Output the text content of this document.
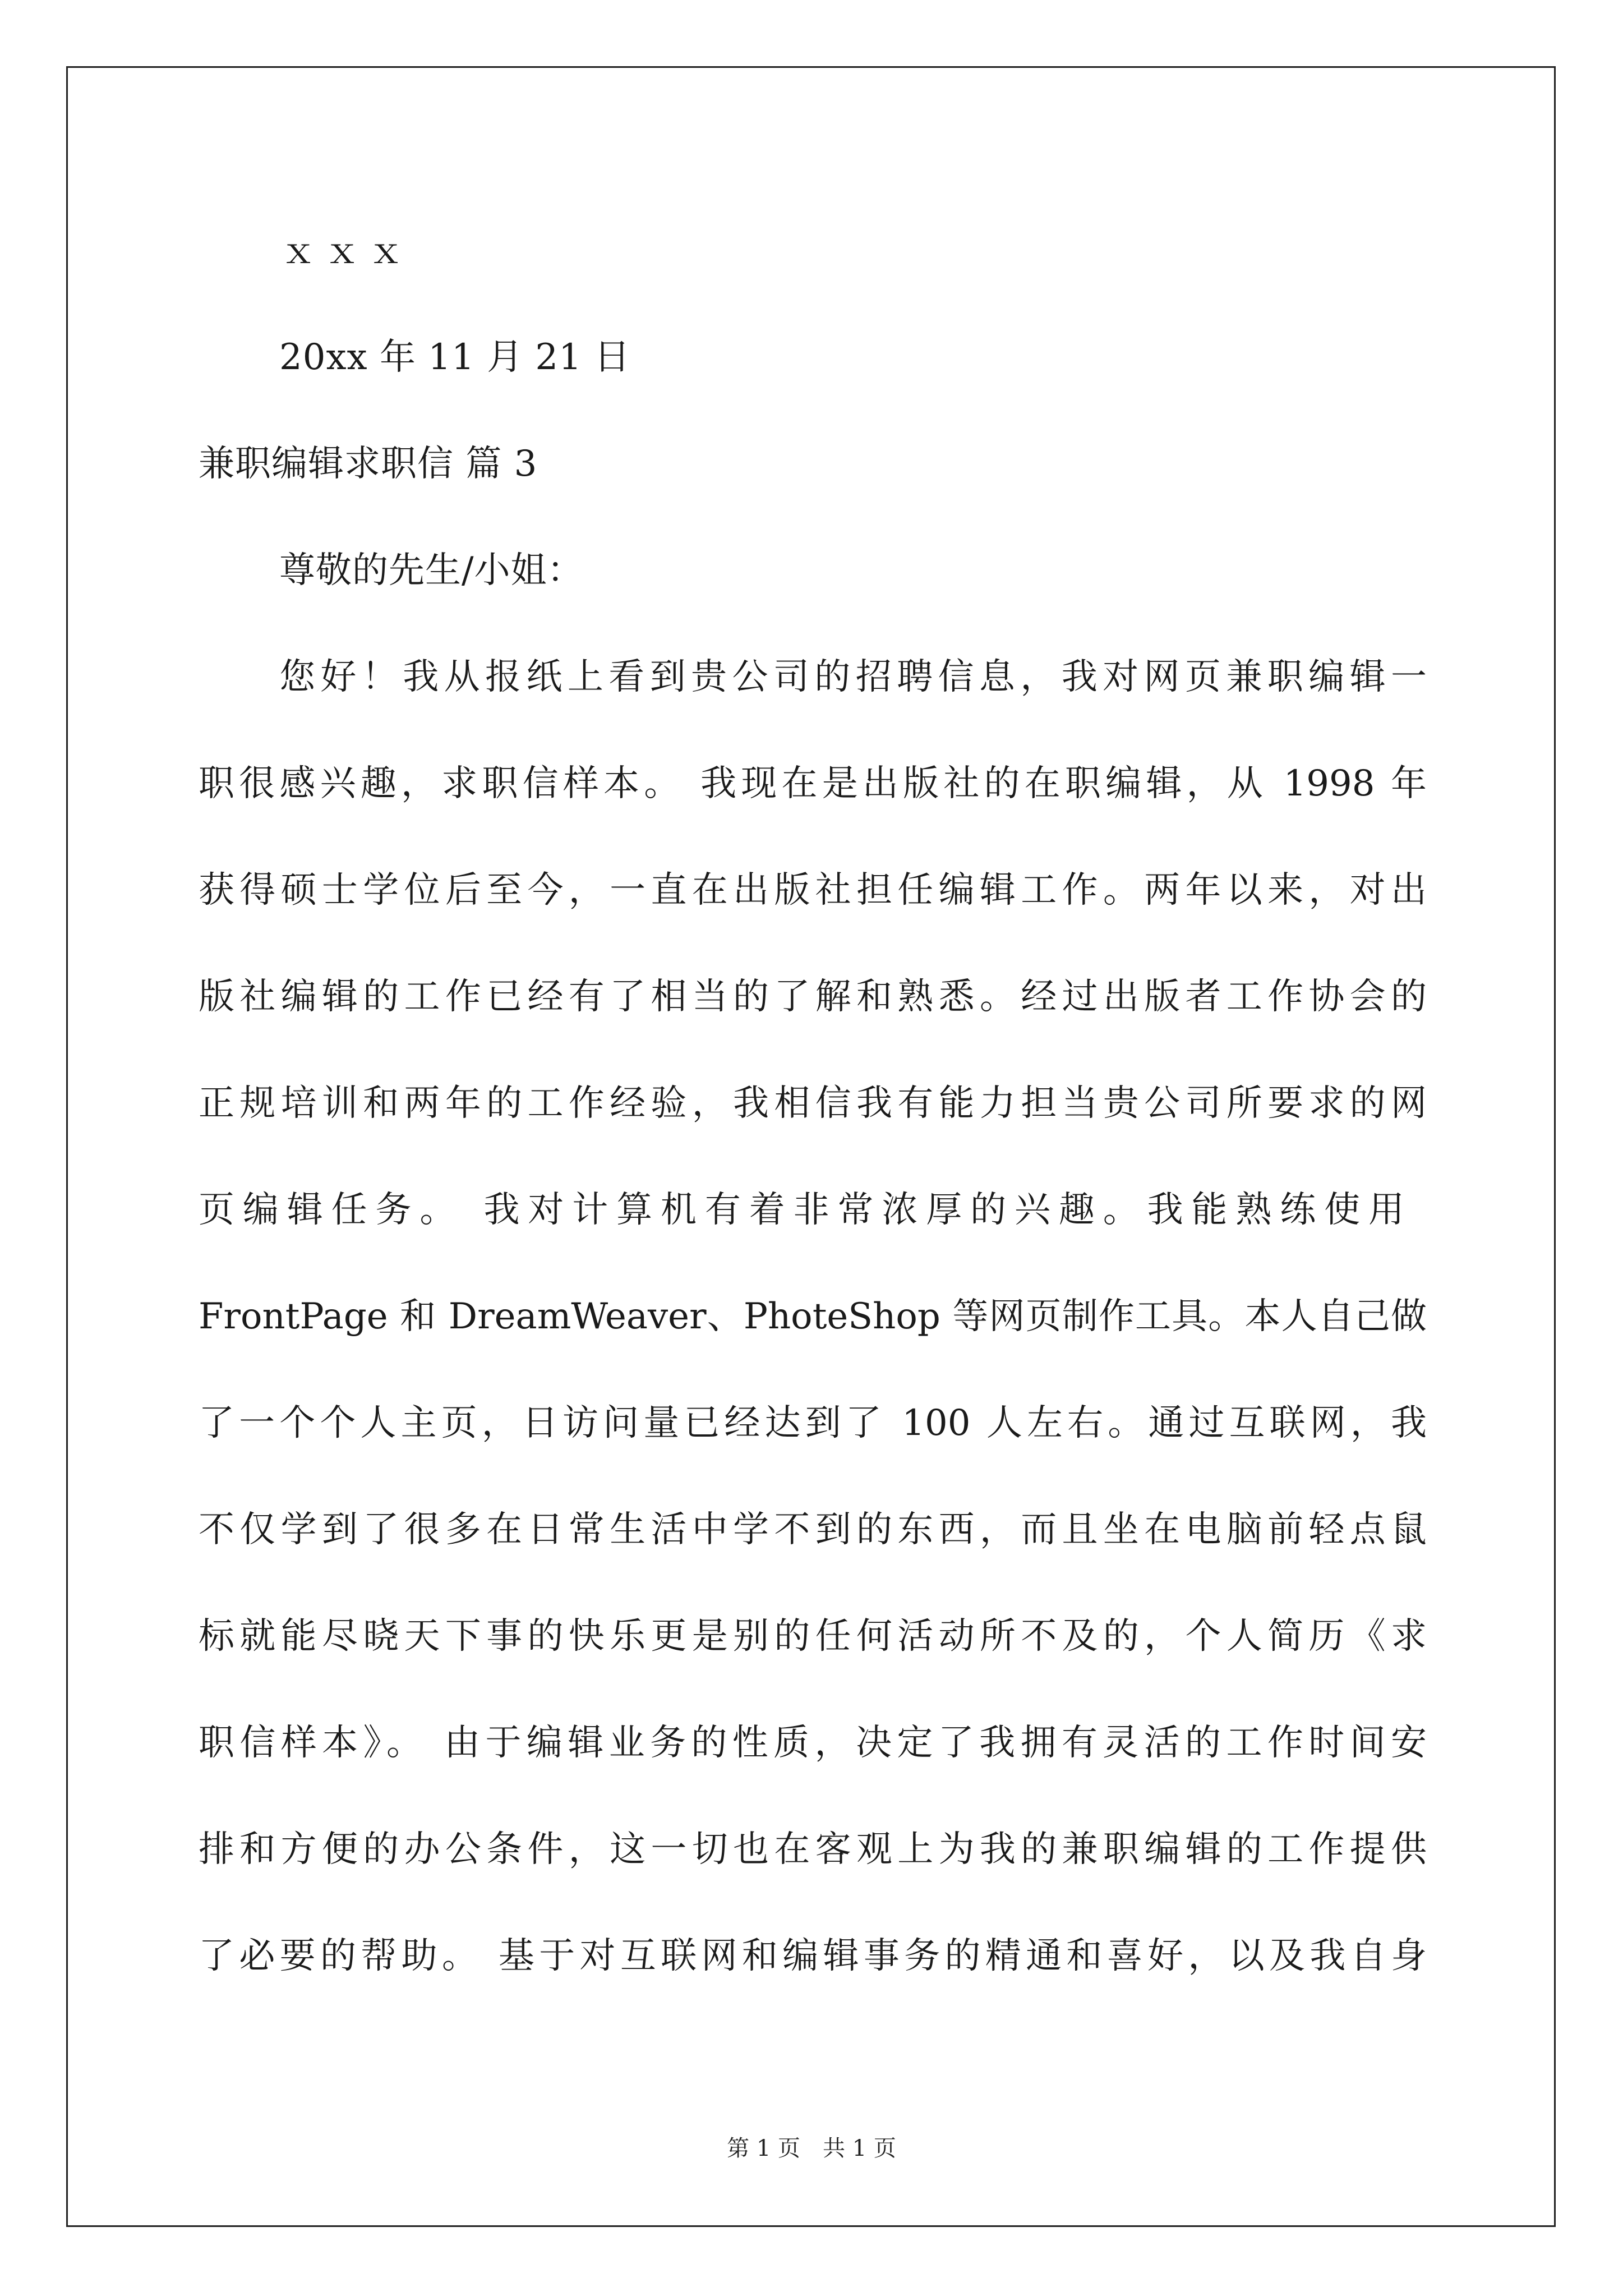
ｘｘｘ
20xx 年 11 月 21 日
兼职编辑求职信 篇 3
尊敬的先生/小姐：
您好！我从报纸上看到贵公司的招聘信息，我对网页兼职编辑一
职很感兴趣，求职信样本。 我现在是出版社的在职编辑，从 1998 年
获得硕士学位后至今，一直在出版社担任编辑工作。两年以来，对出
版社编辑的工作已经有了相当的了解和熟悉。经过出版者工作协会的
正规培训和两年的工作经验，我相信我有能力担当贵公司所要求的网
页编辑任务。 我对计算机有着非常浓厚的兴趣。我能熟练使用
FrontPage 和 DreamWeaver、PhoteShop 等网页制作工具。本人自己做
了一个个人主页，日访问量已经达到了 100 人左右。通过互联网，我
不仅学到了很多在日常生活中学不到的东西，而且坐在电脑前轻点鼠
标就能尽晓天下事的快乐更是别的任何活动所不及的，个人简历《求
职信样本》。 由于编辑业务的性质，决定了我拥有灵活的工作时间安
排和方便的办公条件，这一切也在客观上为我的兼职编辑的工作提供
了必要的帮助。 基于对互联网和编辑事务的精通和喜好，以及我自身
第 1 页　共 1 页
